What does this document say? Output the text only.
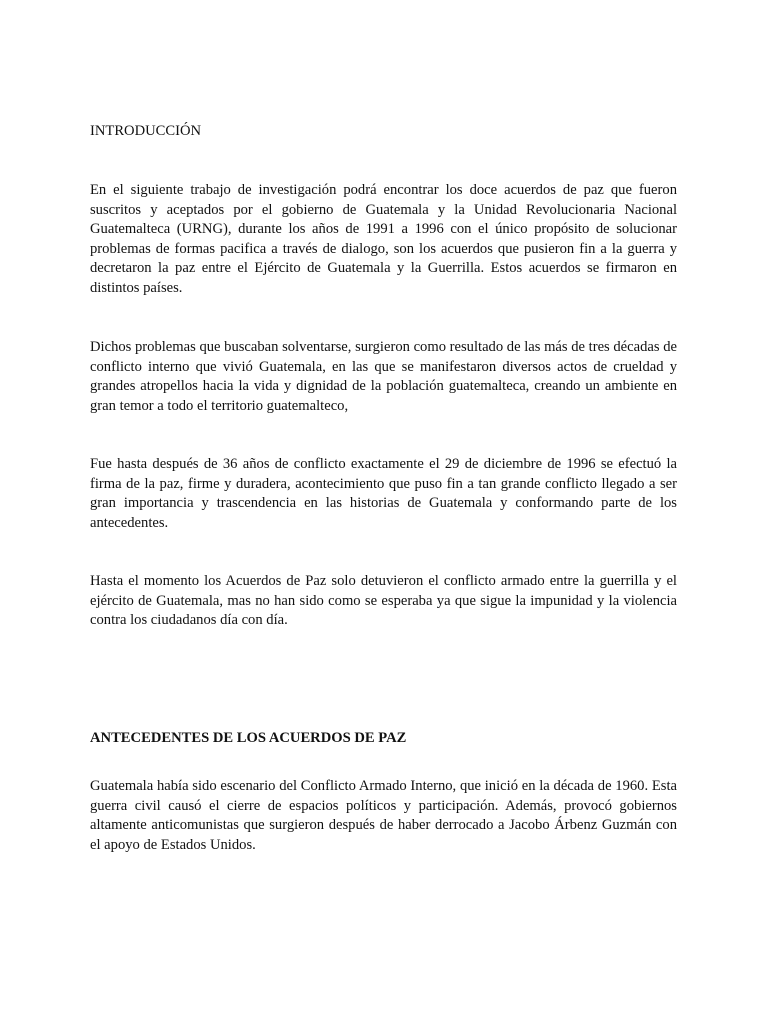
INTRODUCCIÓN

En el siguiente trabajo de investigación podrá encontrar los doce acuerdos de paz que fueron suscritos y aceptados por el gobierno de Guatemala y la Unidad Revolucionaria Nacional Guatemalteca (URNG), durante los años de 1991 a 1996 con el único propósito de solucionar problemas de formas pacifica a través de dialogo, son los acuerdos que pusieron fin a la guerra y decretaron la paz entre el Ejército de Guatemala y la Guerrilla. Estos acuerdos se firmaron en distintos países.

Dichos problemas que buscaban solventarse, surgieron como resultado de las más de tres décadas de conflicto interno que vivió Guatemala, en las que se manifestaron diversos actos de crueldad y grandes atropellos hacia la vida y dignidad de la población guatemalteca, creando un ambiente en gran temor a todo el territorio guatemalteco,

Fue hasta después de 36 años de conflicto exactamente el 29 de diciembre de 1996 se efectuó la firma de la paz, firme y duradera, acontecimiento que puso fin a tan grande conflicto llegado a ser gran importancia y trascendencia en las historias de Guatemala y conformando parte de los antecedentes.

Hasta el momento los Acuerdos de Paz solo detuvieron el conflicto armado entre la guerrilla y el ejército de Guatemala, mas no han sido como se esperaba ya que sigue la impunidad y la violencia contra los ciudadanos día con día.

ANTECEDENTES DE LOS ACUERDOS DE PAZ

Guatemala había sido escenario del Conflicto Armado Interno, que inició en la década de 1960. Esta guerra civil causó el cierre de espacios políticos y participación. Además, provocó gobiernos altamente anticomunistas que surgieron después de haber derrocado a Jacobo Árbenz Guzmán con el apoyo de Estados Unidos.
